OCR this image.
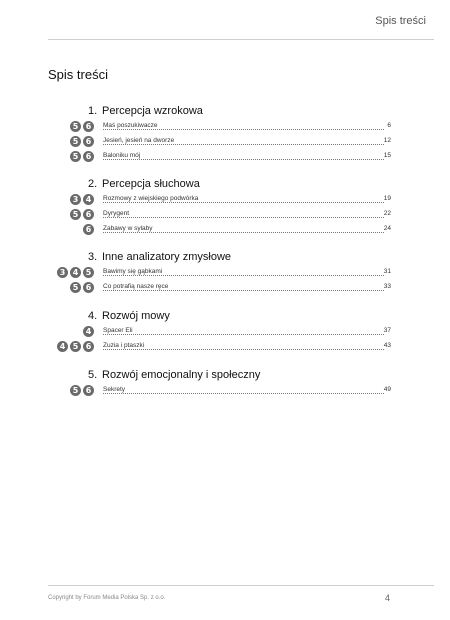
Spis treści
Spis treści
1. Percepcja wzrokowa
5 6	Maś poszukiwacze	6
5 6	Jesień, jesień na dworze	12
5 6	Baloniku mój	15
2. Percepcja słuchowa
3 4	Rozmowy z wiejskiego podwórka	19
5 6	Dyrygent	22
6	Zabawy w sylaby	24
3. Inne analizatory zmysłowe
3 4 5	Bawimy się gąbkami	31
5 6	Co potrafią nasze ręce	33
4. Rozwój mowy
4	Spacer Eli	37
4 5 6	Zuzia i ptaszki	43
5. Rozwój emocjonalny i społeczny
5 6	Sekrety	49
Copyright by Forum Media Polska Sp. z o.o.	4
